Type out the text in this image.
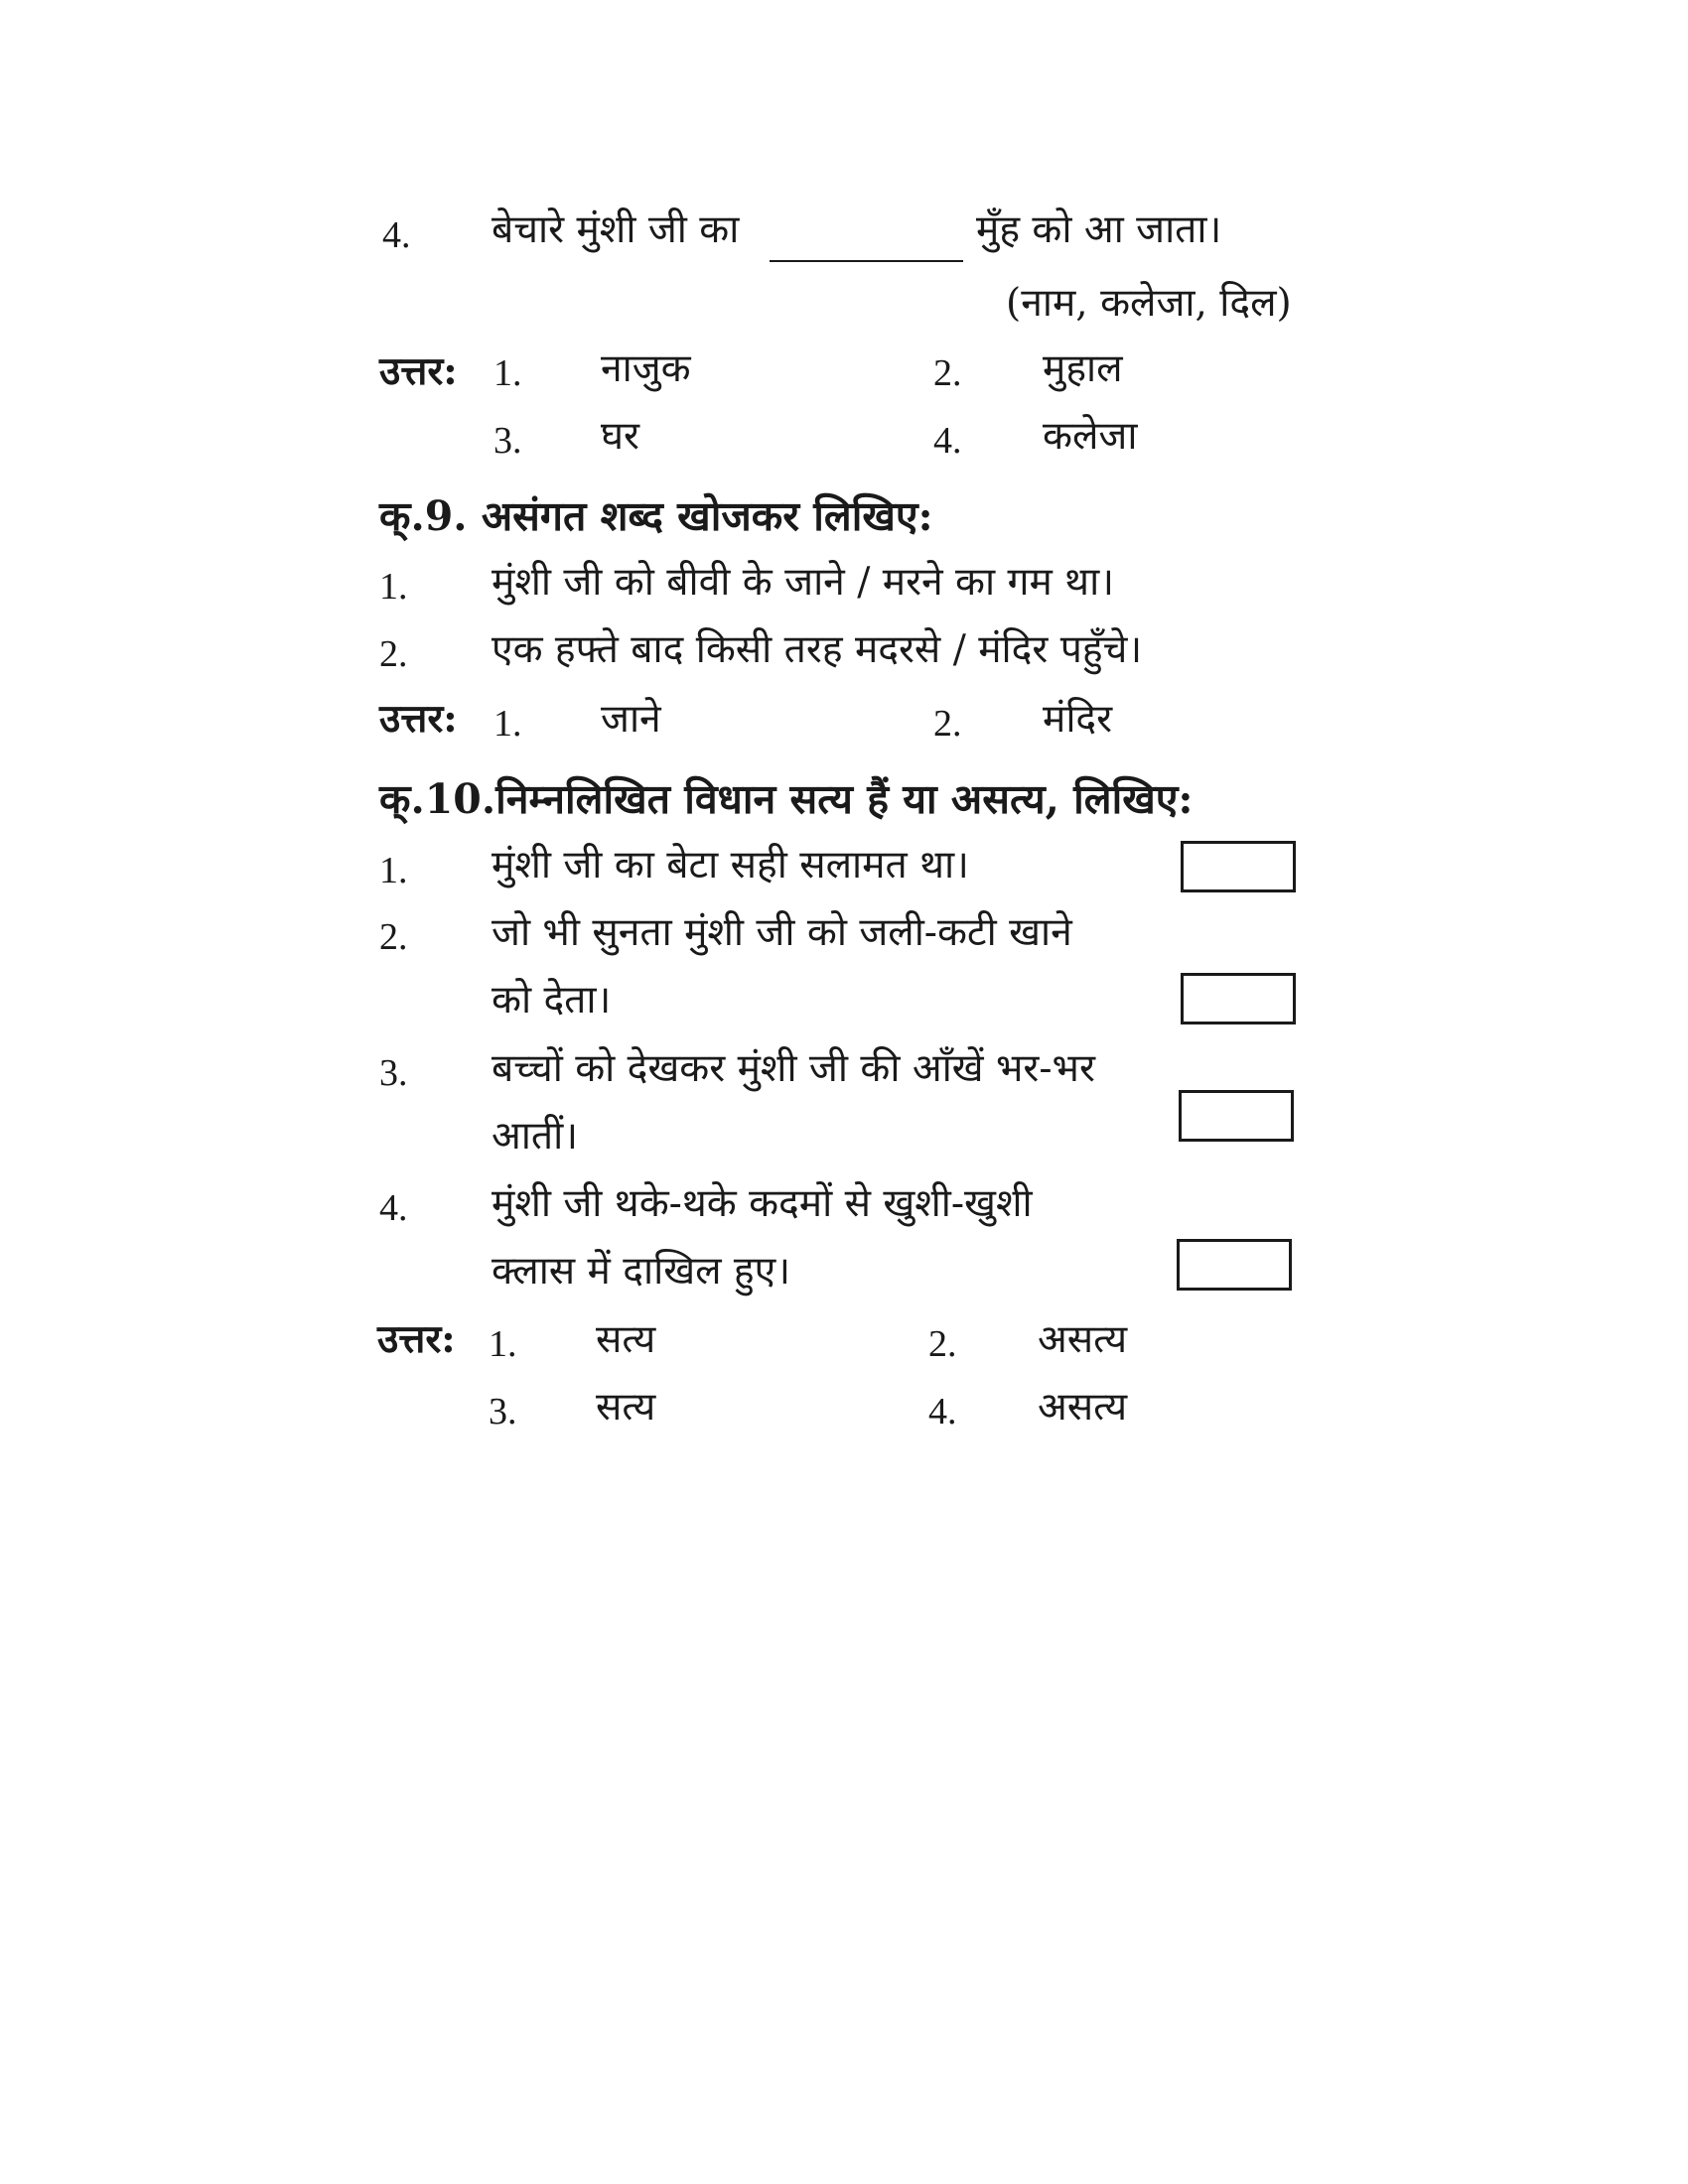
4. बेचारे मुंशी जी का	मुँह को आ जाता।
(नाम, कलेजा, दिल)
उत्तर: 1. नाजुक	2. मुहाल
3. घर	4. कलेजा
क्.9. असंगत शब्द खोजकर लिखिए:
1. मुंशी जी को बीवी के जाने / मरने का गम था।
2. एक हफ्ते बाद किसी तरह मदरसे / मंदिर पहुँचे।
उत्तर: 1. जाने	2. मंदिर
क्.10.निम्नलिखित विधान सत्य हैं या असत्य, लिखिए:
1. मुंशी जी का बेटा सही सलामत था।
2. जो भी सुनता मुंशी जी को जली-कटी खाने
को देता।
3. बच्चों को देखकर मुंशी जी की आँखें भर-भर
आतीं।
4. मुंशी जी थके-थके कदमों से खुशी-खुशी
क्लास में दाखिल हुए।
उत्तर: 1. सत्य	2. असत्य
3. सत्य	4. असत्य
